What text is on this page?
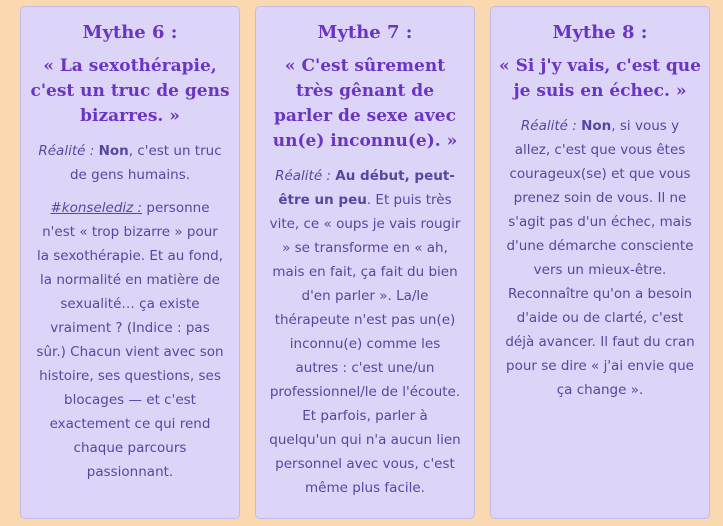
Mythe 6 :
« La sexothérapie, c'est un truc de gens bizarres. »

Réalité : Non, c'est un truc de gens humains.

#konselediz : personne n'est « trop bizarre » pour la sexothérapie. Et au fond, la normalité en matière de sexualité… ça existe vraiment ? (Indice : pas sûr.) Chacun vient avec son histoire, ses questions, ses blocages — et c'est exactement ce qui rend chaque parcours passionnant.

Mythe 7 :
« C'est sûrement très gênant de parler de sexe avec un(e) inconnu(e). »

Réalité : Au début, peut-être un peu. Et puis très vite, ce « oups je vais rougir » se transforme en « ah, mais en fait, ça fait du bien d'en parler ». La/le thérapeute n'est pas un(e) inconnu(e) comme les autres : c'est une/un professionnel/le de l'écoute. Et parfois, parler à quelqu'un qui n'a aucun lien personnel avec vous, c'est même plus facile.

Mythe 8 :
« Si j'y vais, c'est que je suis en échec. »

Réalité : Non, si vous y allez, c'est que vous êtes courageux(se) et que vous prenez soin de vous. Il ne s'agit pas d'un échec, mais d'une démarche consciente vers un mieux-être. Reconnaître qu'on a besoin d'aide ou de clarté, c'est déjà avancer. Il faut du cran pour se dire « j'ai envie que ça change ».
